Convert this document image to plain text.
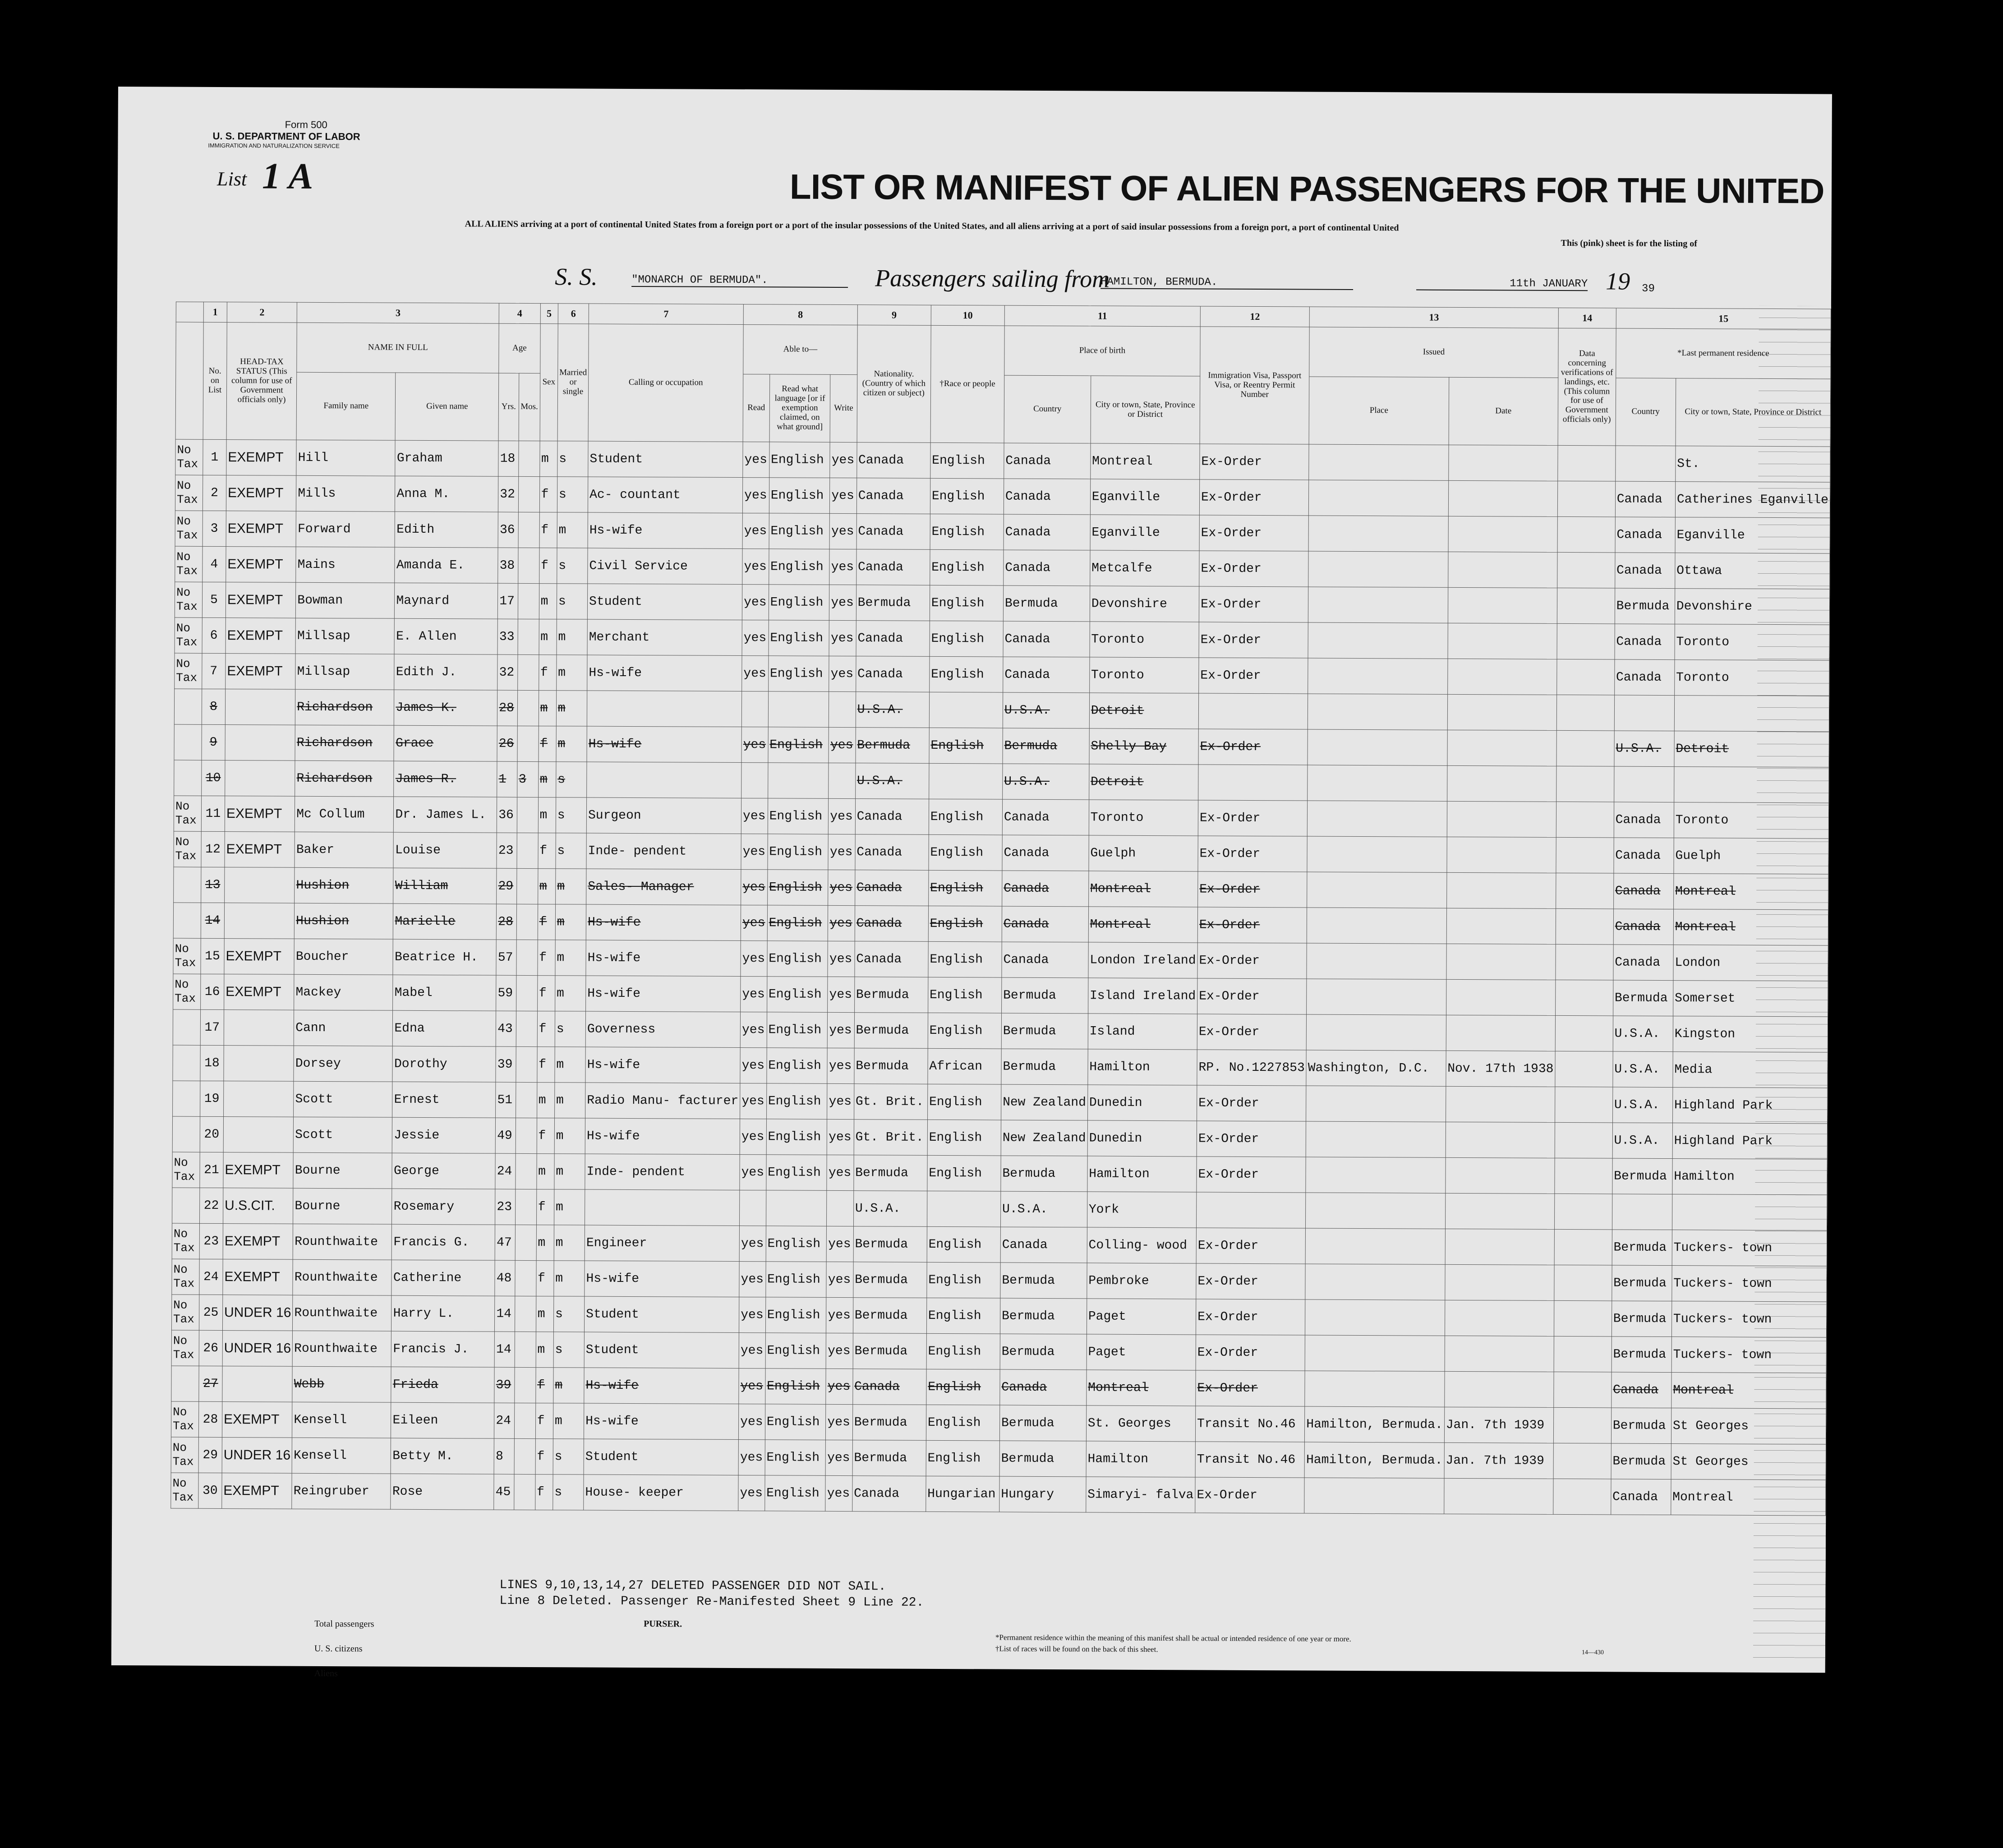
Form 500
U. S. DEPARTMENT OF LABOR
IMMIGRATION AND NATURALIZATION SERVICE
List 1 A	LIST OR MANIFEST OF ALIEN PASSENGERS FOR THE UNITED
ALL ALIENS arriving at a port of continental United States from a foreign port or a port of the insular possessions of the United States, and all aliens arriving at a port of said insular possessions from a foreign port, a port of continental United
This (pink) sheet is for the listing of
S. S.	"MONARCH OF BERMUDA".	Passengers sailing from
HAMILTON, BERMUDA.	11th JANUARY 19 39
	1	2	3		4		5	6	7	8			9	10	11		12	13		14	15	
	No. on List	HEAD-TAX STATUS (This column for use of Government officials only)	NAME IN FULL		Age		Sex	Married or single	Calling or occupation	Able to—			Nationality. (Country of which citizen or subject)	†Race or people	Place of birth		Immigration Visa, Passport Visa, or Reentry Permit Number	Issued		Data concerning verifications of landings, etc. (This column for use of Government officials only)	*Last permanent residence	
			Family name	Given name	Yrs.	Mos.				Read	Read what language [or if exemption claimed, on what ground]	Write			Country	City or town, State, Province or District		Place	Date		Country	City or town, State, Province or District
No Tax	1	EXEMPT	Hill	Graham	18		m	s	Student	yes	English	yes	Canada	English	Canada	Montreal	Ex-Order					St.
No Tax	2	EXEMPT	Mills	Anna M.	32		f	s	Ac- countant	yes	English	yes	Canada	English	Canada	Eganville	Ex-Order				Canada	Catherines Eganville
No Tax	3	EXEMPT	Forward	Edith	36		f	m	Hs-wife	yes	English	yes	Canada	English	Canada	Eganville	Ex-Order				Canada	Eganville
No Tax	4	EXEMPT	Mains	Amanda E.	38		f	s	Civil Service	yes	English	yes	Canada	English	Canada	Metcalfe	Ex-Order				Canada	Ottawa
No Tax	5	EXEMPT	Bowman	Maynard	17		m	s	Student	yes	English	yes	Bermuda	English	Bermuda	Devonshire	Ex-Order				Bermuda	Devonshire
No Tax	6	EXEMPT	Millsap	E. Allen	33		m	m	Merchant	yes	English	yes	Canada	English	Canada	Toronto	Ex-Order				Canada	Toronto
No Tax	7	EXEMPT	Millsap	Edith J.	32		f	m	Hs-wife	yes	English	yes	Canada	English	Canada	Toronto	Ex-Order				Canada	Toronto
	8		Richardson	James K.	28		m	m					U.S.A.		U.S.A.	Detroit						
	9		Richardson	Grace	26		f	m	Hs-wife	yes	English	yes	Bermuda	English	Bermuda	Shelly Bay	Ex-Order				U.S.A.	Detroit
	10		Richardson	James R.	1	3	m	s					U.S.A.		U.S.A.	Detroit						
No Tax	11	EXEMPT	Mc Collum	Dr. James L.	36		m	s	Surgeon	yes	English	yes	Canada	English	Canada	Toronto	Ex-Order				Canada	Toronto
No Tax	12	EXEMPT	Baker	Louise	23		f	s	Inde- pendent	yes	English	yes	Canada	English	Canada	Guelph	Ex-Order				Canada	Guelph
	13		Hushion	William	29		m	m	Sales- Manager	yes	English	yes	Canada	English	Canada	Montreal	Ex-Order				Canada	Montreal
	14		Hushion	Marielle	28		f	m	Hs-wife	yes	English	yes	Canada	English	Canada	Montreal	Ex-Order				Canada	Montreal
No Tax	15	EXEMPT	Boucher	Beatrice H.	57		f	m	Hs-wife	yes	English	yes	Canada	English	Canada	London Ireland	Ex-Order				Canada	London
No Tax	16	EXEMPT	Mackey	Mabel	59		f	m	Hs-wife	yes	English	yes	Bermuda	English	Bermuda	Island Ireland	Ex-Order				Bermuda	Somerset
	17		Cann	Edna	43		f	s	Governess	yes	English	yes	Bermuda	English	Bermuda	Island	Ex-Order				U.S.A.	Kingston
	18		Dorsey	Dorothy	39		f	m	Hs-wife	yes	English	yes	Bermuda	African	Bermuda	Hamilton	RP. No.1227853	Washington, D.C.	Nov. 17th 1938		U.S.A.	Media
	19		Scott	Ernest	51		m	m	Radio Manu- facturer	yes	English	yes	Gt. Brit.	English	New Zealand	Dunedin	Ex-Order				U.S.A.	Highland Park
	20		Scott	Jessie	49		f	m	Hs-wife	yes	English	yes	Gt. Brit.	English	New Zealand	Dunedin	Ex-Order				U.S.A.	Highland Park
No Tax	21	EXEMPT	Bourne	George	24		m	m	Inde- pendent	yes	English	yes	Bermuda	English	Bermuda	Hamilton	Ex-Order				Bermuda	Hamilton
	22	U.S.CIT.	Bourne	Rosemary	23		f	m					U.S.A.		U.S.A.	York						
No Tax	23	EXEMPT	Rounthwaite	Francis G.	47		m	m	Engineer	yes	English	yes	Bermuda	English	Canada	Colling- wood	Ex-Order				Bermuda	Tuckers- town
No Tax	24	EXEMPT	Rounthwaite	Catherine	48		f	m	Hs-wife	yes	English	yes	Bermuda	English	Bermuda	Pembroke	Ex-Order				Bermuda	Tuckers- town
No Tax	25	UNDER 16	Rounthwaite	Harry L.	14		m	s	Student	yes	English	yes	Bermuda	English	Bermuda	Paget	Ex-Order				Bermuda	Tuckers- town
No Tax	26	UNDER 16	Rounthwaite	Francis J.	14		m	s	Student	yes	English	yes	Bermuda	English	Bermuda	Paget	Ex-Order				Bermuda	Tuckers- town
	27		Webb	Frieda	39		f	m	Hs-wife	yes	English	yes	Canada	English	Canada	Montreal	Ex-Order				Canada	Montreal
No Tax	28	EXEMPT	Kensell	Eileen	24		f	m	Hs-wife	yes	English	yes	Bermuda	English	Bermuda	St. Georges	Transit No.46	Hamilton, Bermuda.	Jan. 7th 1939		Bermuda	St Georges
No Tax	29	UNDER 16	Kensell	Betty M.	8		f	s	Student	yes	English	yes	Bermuda	English	Bermuda	Hamilton	Transit No.46	Hamilton, Bermuda.	Jan. 7th 1939		Bermuda	St Georges
No Tax	30	EXEMPT	Reingruber	Rose	45		f	s	House- keeper	yes	English	yes	Canada	Hungarian	Hungary	Simaryi- falva	Ex-Order				Canada	Montreal
LINES 9,10,13,14,27 DELETED PASSENGER DID NOT SAIL.
Line 8 Deleted. Passenger Re-Manifested Sheet 9 Line 22.
Total passengers
U. S. citizens
Aliens
PURSER.
*Permanent residence within the meaning of this manifest shall be actual or intended residence of one year or more.
†List of races will be found on the back of this sheet.	14—430
